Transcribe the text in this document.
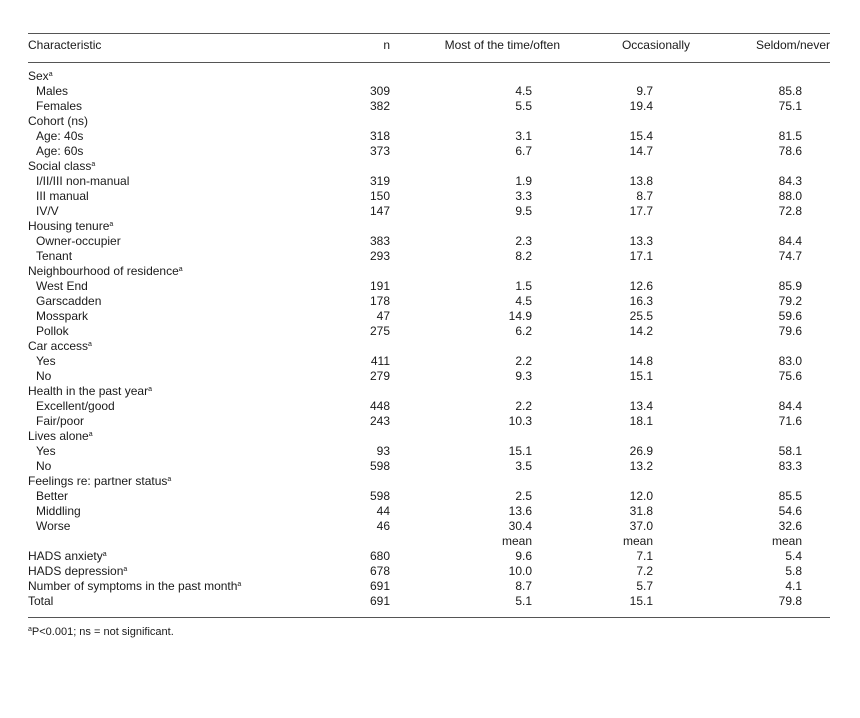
Characteristic	n	Most of the time/often	Occasionally	Seldom/never

Sex$^a$				
Males	309	4.5	9.7	85.8
Females	382	5.5	19.4	75.1
Cohort (ns)				
Age: 40s	318	3.1	15.4	81.5
Age: 60s	373	6.7	14.7	78.6
Social class$^a$				
I/II/III non-manual	319	1.9	13.8	84.3
III manual	150	3.3	8.7	88.0
IV/V	147	9.5	17.7	72.8
Housing tenure$^a$				
Owner-occupier	383	2.3	13.3	84.4
Tenant	293	8.2	17.1	74.7
Neighbourhood of residence$^a$				
West End	191	1.5	12.6	85.9
Garscadden	178	4.5	16.3	79.2
Mosspark	47	14.9	25.5	59.6
Pollok	275	6.2	14.2	79.6
Car access$^a$				
Yes	411	2.2	14.8	83.0
No	279	9.3	15.1	75.6
Health in the past year$^a$				
Excellent/good	448	2.2	13.4	84.4
Fair/poor	243	10.3	18.1	71.6
Lives alone$^a$				
Yes	93	15.1	26.9	58.1
No	598	3.5	13.2	83.3
Feelings re: partner status$^a$				
Better	598	2.5	12.0	85.5
Middling	44	13.6	31.8	54.6
Worse	46	30.4	37.0	32.6
		mean	mean	mean
HADS anxiety$^a$	680	9.6	7.1	5.4
HADS depression$^a$	678	10.0	7.2	5.8
Number of symptoms in the past month$^a$	691	8.7	5.7	4.1
Total	691	5.1	15.1	79.8
$^a$P<0.001; ns = not significant.
